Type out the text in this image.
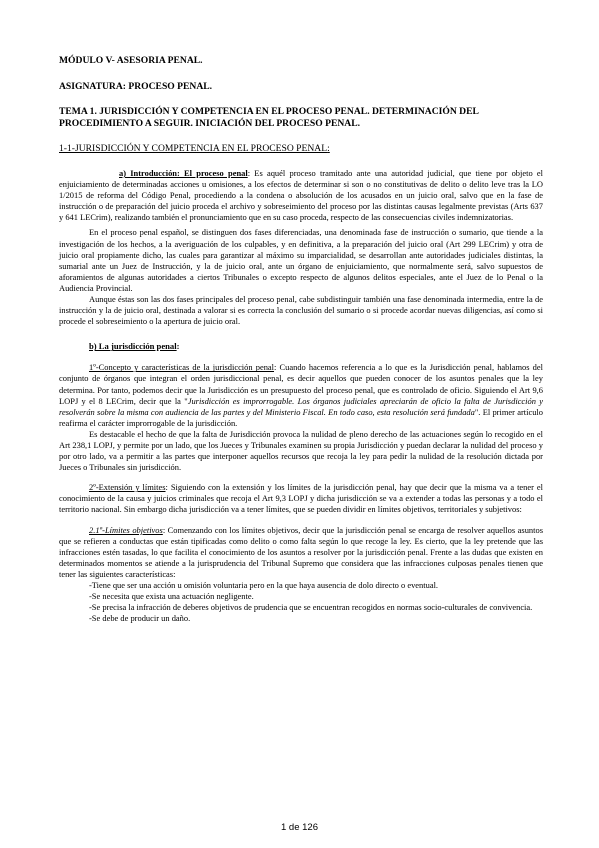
MÓDULO V- ASESORIA PENAL.
ASIGNATURA: PROCESO PENAL.
TEMA 1. JURISDICCIÓN Y COMPETENCIA EN EL PROCESO PENAL. DETERMINACIÓN DEL PROCEDIMIENTO A SEGUIR. INICIACIÓN DEL PROCESO PENAL.
1-1-JURISDICCIÓN Y COMPETENCIA EN EL PROCESO PENAL:

a) Introducción: El proceso penal: Es aquél proceso tramitado ante una autoridad judicial, que tiene por objeto el enjuiciamiento de determinadas acciones u omisiones, a los efectos de determinar si son o no constitutivas de delito o delito leve tras la LO 1/2015 de reforma del Código Penal, procediendo a la condena o absolución de los acusados en un juicio oral, salvo que en la fase de instrucción o de preparación del juicio proceda el archivo y sobreseimiento del proceso por las distintas causas legalmente previstas (Arts 637 y 641 LECrim), realizando también el pronunciamiento que en su caso proceda, respecto de las consecuencias civiles indemnizatorias.

En el proceso penal español, se distinguen dos fases diferenciadas, una denominada fase de instrucción o sumario, que tiende a la investigación de los hechos, a la averiguación de los culpables, y en definitiva, a la preparación del juicio oral (Art 299 LECrim) y otra de juicio oral propiamente dicho, las cuales para garantizar al máximo su imparcialidad, se desarrollan ante autoridades judiciales distintas, la sumarial ante un Juez de Instrucción, y la de juicio oral, ante un órgano de enjuiciamiento, que normalmente será, salvo supuestos de aforamientos de algunas autoridades a ciertos Tribunales o excepto respecto de algunos delitos especiales, ante el Juez de lo Penal o la Audiencia Provincial.

Aunque éstas son las dos fases principales del proceso penal, cabe subdistinguir también una fase denominada intermedia, entre la de instrucción y la de juicio oral, destinada a valorar si es correcta la conclusión del sumario o si procede acordar nuevas diligencias, así como si procede el sobreseimiento o la apertura de juicio oral.

b) La jurisdicción penal:

1º-Concepto y características de la jurisdicción penal: Cuando hacemos referencia a lo que es la Jurisdicción penal, hablamos del conjunto de órganos que integran el orden jurisdiccional penal, es decir aquellos que pueden conocer de los asuntos penales que la ley determina. Por tanto, podemos decir que la Jurisdicción es un presupuesto del proceso penal, que es controlado de oficio. Siguiendo el Art 9,6 LOPJ y el 8 LECrim, decir que la "Jurisdicción es improrrogable. Los órganos judiciales apreciarán de oficio la falta de Jurisdicción y resolverán sobre la misma con audiencia de las partes y del Ministerio Fiscal. En todo caso, esta resolución será fundada". El primer artículo reafirma el carácter improrrogable de la jurisdicción.

Es destacable el hecho de que la falta de Jurisdicción provoca la nulidad de pleno derecho de las actuaciones según lo recogido en el Art 238,1 LOPJ, y permite por un lado, que los Jueces y Tribunales examinen su propia Jurisdicción y puedan declarar la nulidad del proceso y por otro lado, va a permitir a las partes que interponer aquellos recursos que recoja la ley para pedir la nulidad de la resolución dictada por Jueces o Tribunales sin jurisdicción.

2º-Extensión y límites: Siguiendo con la extensión y los límites de la jurisdicción penal, hay que decir que la misma va a tener el conocimiento de la causa y juicios criminales que recoja el Art 9,3 LOPJ y dicha jurisdicción se va a extender a todas las personas y a todo el territorio nacional. Sin embargo dicha jurisdicción va a tener límites, que se pueden dividir en límites objetivos, territoriales y subjetivos:

2.1º-Límites objetivos: Comenzando con los límites objetivos, decir que la jurisdicción penal se encarga de resolver aquellos asuntos que se refieren a conductas que están tipificadas como delito o como falta según lo que recoge la ley. Es cierto, que la ley pretende que las infracciones estén tasadas, lo que facilita el conocimiento de los asuntos a resolver por la jurisdicción penal. Frente a las dudas que existen en determinados momentos se atiende a la jurisprudencia del Tribunal Supremo que considera que las infracciones culposas penales tienen que tener las siguientes características:

-Tiene que ser una acción u omisión voluntaria pero en la que haya ausencia de dolo directo o eventual.

-Se necesita que exista una actuación negligente.

-Se precisa la infracción de deberes objetivos de prudencia que se encuentran recogidos en normas socio-culturales de convivencia.

-Se debe de producir un daño.

1 de 126
